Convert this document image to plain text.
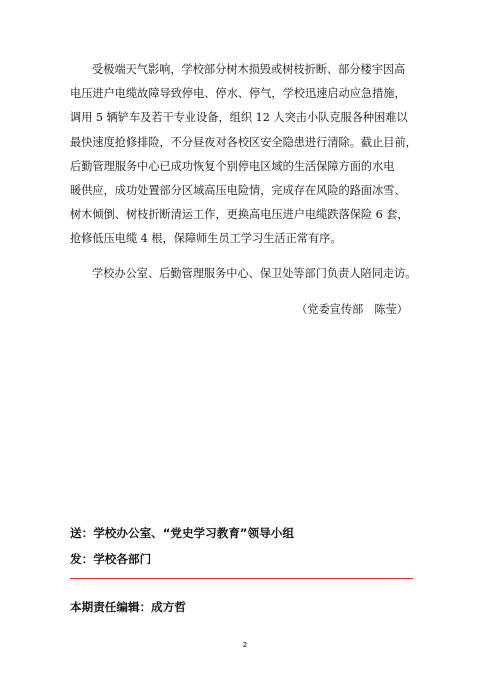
受极端天气影响，学校部分树木损毁或树枝折断、部分楼宇因高
电压进户电缆故障导致停电、停水、停气，学校迅速启动应急措施，
调用 5 辆铲车及若干专业设备，组织 12 人突击小队克服各种困难以
最快速度抢修排险，不分昼夜对各校区安全隐患进行清除。截止目前，
后勤管理服务中心已成功恢复个别停电区域的生活保障方面的水电
暖供应，成功处置部分区域高压电险情，完成存在风险的路面冰雪、
树木倾倒、树枝折断清运工作，更换高电压进户电缆跌落保险 6 套，
抢修低压电缆 4 根，保障师生员工学习生活正常有序。
学校办公室、后勤管理服务中心、保卫处等部门负责人陪同走访。
（党委宣传部　陈莹）
送：学校办公室、“党史学习教育”领导小组
发：学校各部门
本期责任编辑：成方哲
2
